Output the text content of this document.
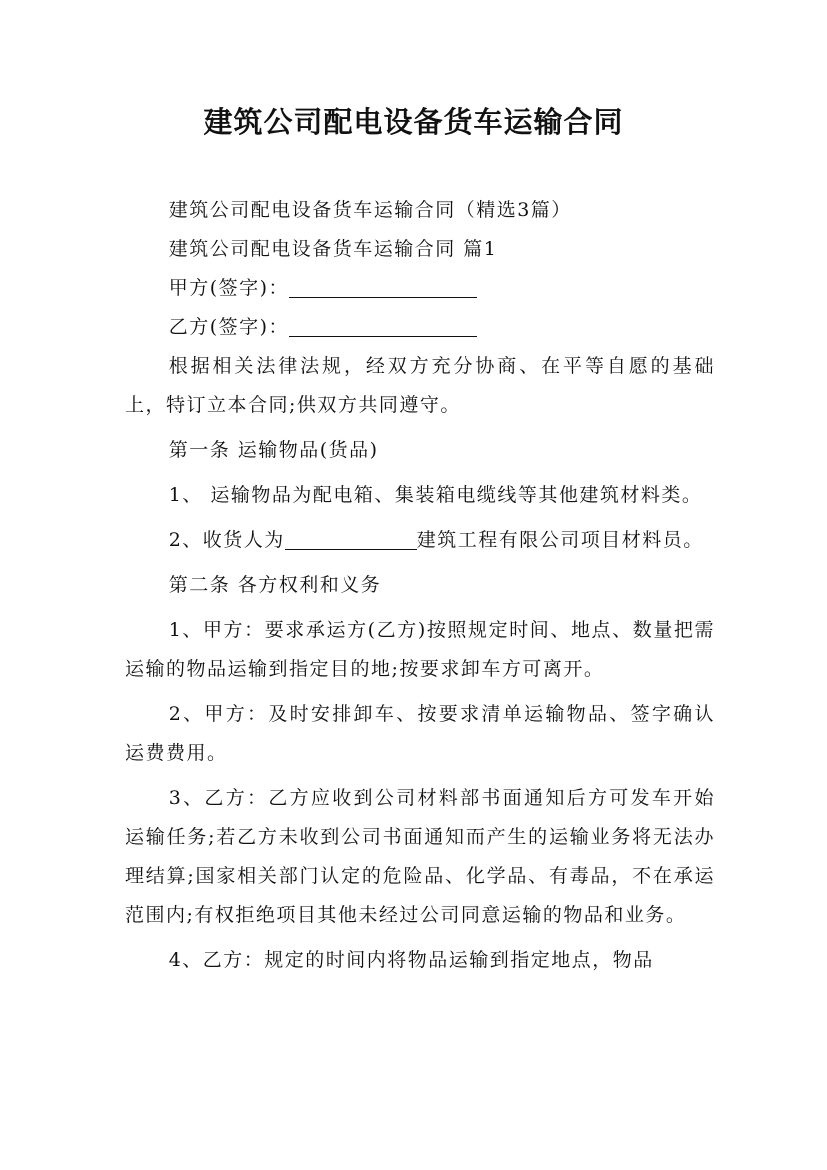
建筑公司配电设备货车运输合同

建筑公司配电设备货车运输合同（精选3篇）

建筑公司配电设备货车运输合同 篇1

甲方(签字)：

乙方(签字)：

根据相关法律法规，经双方充分协商、在平等自愿的基础上，特订立本合同;供双方共同遵守。

第一条 运输物品(货品)

1、 运输物品为配电箱、集装箱电缆线等其他建筑材料类。

2、收货人为	建筑工程有限公司项目材料员。

第二条 各方权利和义务

1、甲方：要求承运方(乙方)按照规定时间、地点、数量把需运输的物品运输到指定目的地;按要求卸车方可离开。

2、甲方：及时安排卸车、按要求清单运输物品、签字确认运费费用。

3、乙方：乙方应收到公司材料部书面通知后方可发车开始运输任务;若乙方未收到公司书面通知而产生的运输业务将无法办理结算;国家相关部门认定的危险品、化学品、有毒品，不在承运范围内;有权拒绝项目其他未经过公司同意运输的物品和业务。

4、乙方：规定的时间内将物品运输到指定地点，物品
